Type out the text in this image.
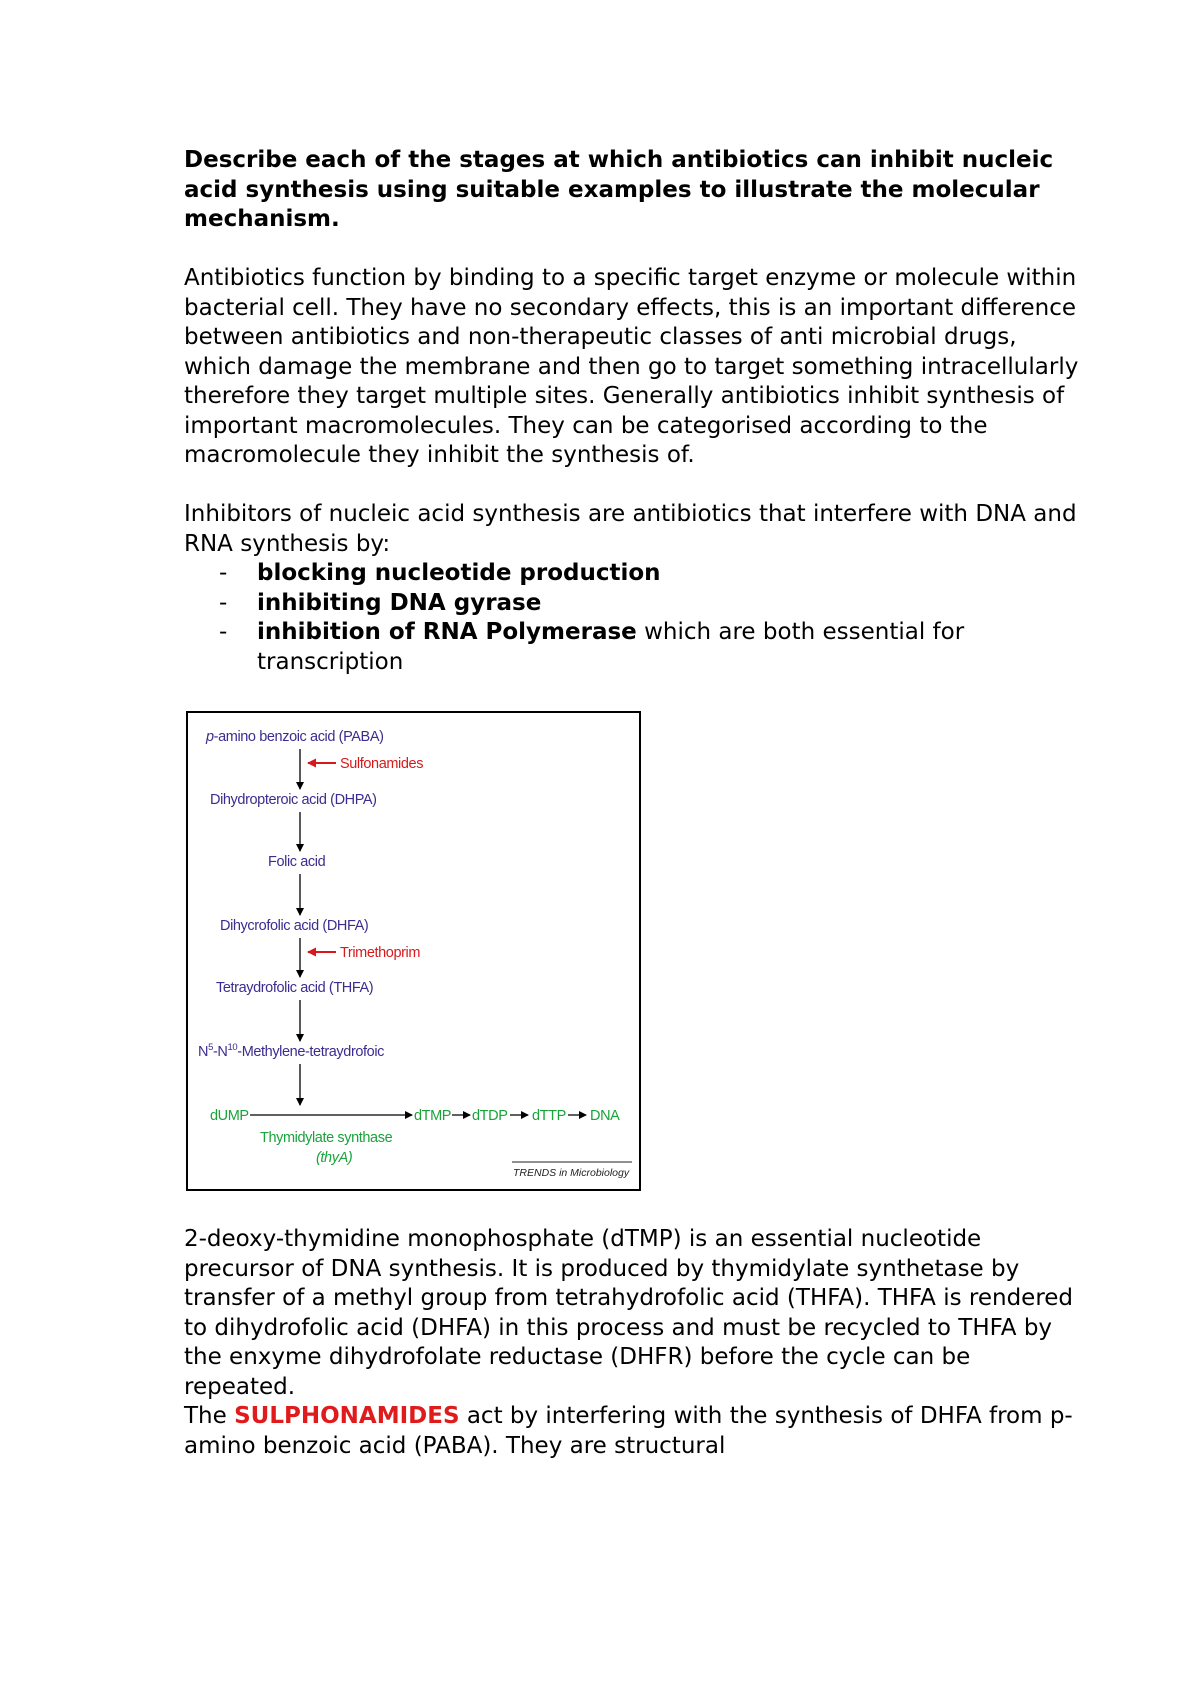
Describe each of the stages at which antibiotics can inhibit nucleic acid synthesis using suitable examples to illustrate the molecular mechanism.

Antibiotics function by binding to a specific target enzyme or molecule within bacterial cell. They have no secondary effects, this is an important difference between antibiotics and non-therapeutic classes of anti microbial drugs, which damage the membrane and then go to target something intracellularly therefore they target multiple sites. Generally antibiotics inhibit synthesis of important macromolecules. They can be categorised according to the macromolecule they inhibit the synthesis of.

Inhibitors of nucleic acid synthesis are antibiotics that interfere with DNA and RNA synthesis by:

- blocking nucleotide production
- inhibiting DNA gyrase
- inhibition of RNA Polymerase which are both essential for transcription
p-amino benzoic acid (PABA)
Sulfonamides
Dihydropteroic acid (DHPA)
Folic acid
Dihycrofolic acid (DHFA)
Trimethoprim
Tetraydrofolic acid (THFA)
$N^5-N^{10}-Methylene$-tetraydrofoic
dUMP	dTMP dTDP dTTP DNA
Thymidylate synthase
(thyA)
TRENDS in Microbiology

2-deoxy-thymidine monophosphate (dTMP) is an essential nucleotide precursor of DNA synthesis. It is produced by thymidylate synthetase by transfer of a methyl group from tetrahydrofolic acid (THFA). THFA is rendered to dihydrofolic acid (DHFA) in this process and must be recycled to THFA by the enxyme dihydrofolate reductase (DHFR) before the cycle can be repeated.

The SULPHONAMIDES act by interfering with the synthesis of DHFA from p-amino benzoic acid (PABA). They are structural
